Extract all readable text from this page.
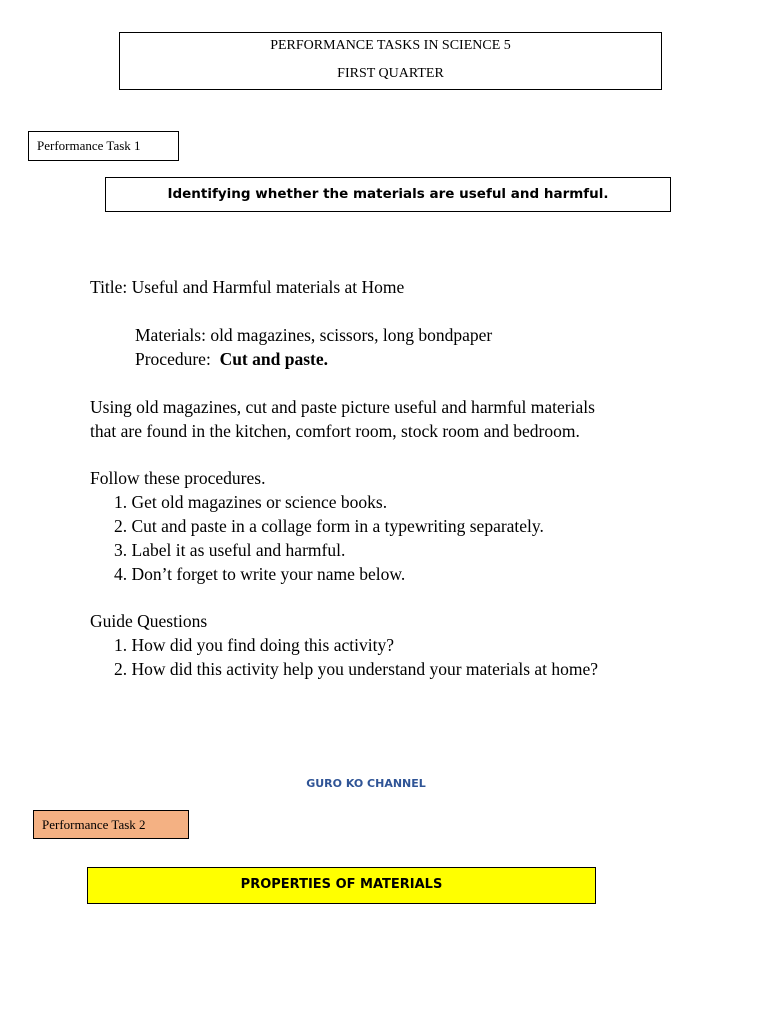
PERFORMANCE TASKS IN SCIENCE 5
FIRST QUARTER
Performance Task 1
Identifying whether the materials are useful and harmful.
Title: Useful and Harmful materials at Home
Materials: old magazines, scissors, long bondpaper
Procedure:  Cut and paste.
Using old magazines, cut and paste picture useful and harmful materials
that are found in the kitchen, comfort room, stock room and bedroom.
Follow these procedures.
1. Get old magazines or science books.
2. Cut and paste in a collage form in a typewriting separately.
3. Label it as useful and harmful.
4. Don’t forget to write your name below.
Guide Questions
1. How did you find doing this activity?
2. How did this activity help you understand your materials at home?
GURO KO CHANNEL
Performance Task 2
PROPERTIES OF MATERIALS
